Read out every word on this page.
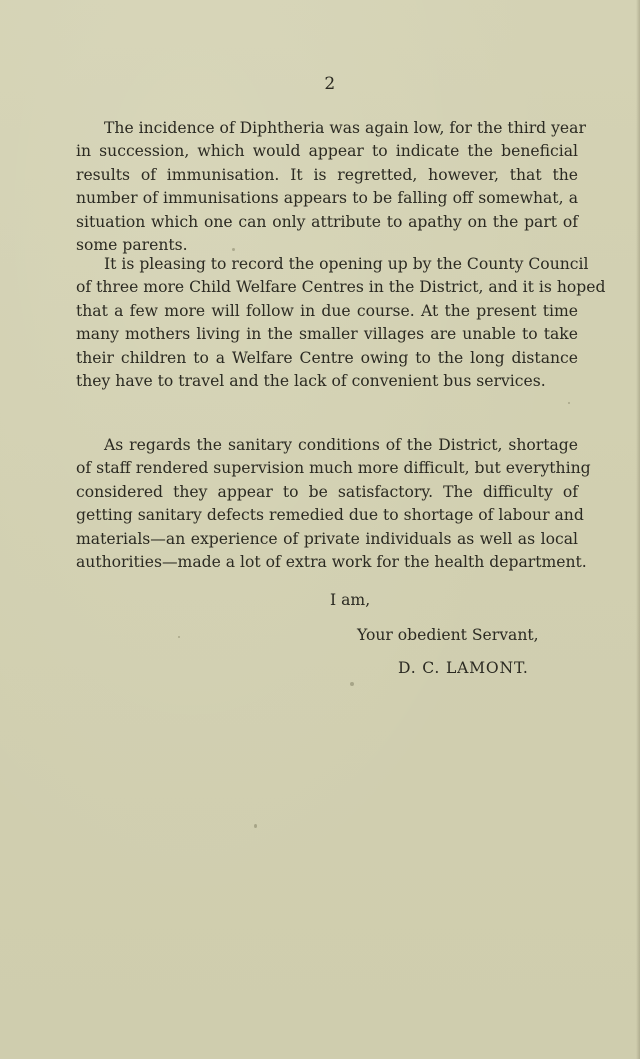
2
The incidence of Diphtheria was again low, for the third year
in succession, which would appear to indicate the beneficial
results of immunisation. It is regretted, however, that the
number of immunisations appears to be falling off somewhat, a
situation which one can only attribute to apathy on the part of
some parents.
It is pleasing to record the opening up by the County Council
of three more Child Welfare Centres in the District, and it is hoped
that a few more will follow in due course. At the present time
many mothers living in the smaller villages are unable to take
their children to a Welfare Centre owing to the long distance
they have to travel and the lack of convenient bus services.
As regards the sanitary conditions of the District, shortage
of staff rendered supervision much more difficult, but everything
considered they appear to be satisfactory. The difficulty of
getting sanitary defects remedied due to shortage of labour and
materials—an experience of private individuals as well as local
authorities—made a lot of extra work for the health department.
I am,
Your obedient Servant,
D. C. LAMONT.
